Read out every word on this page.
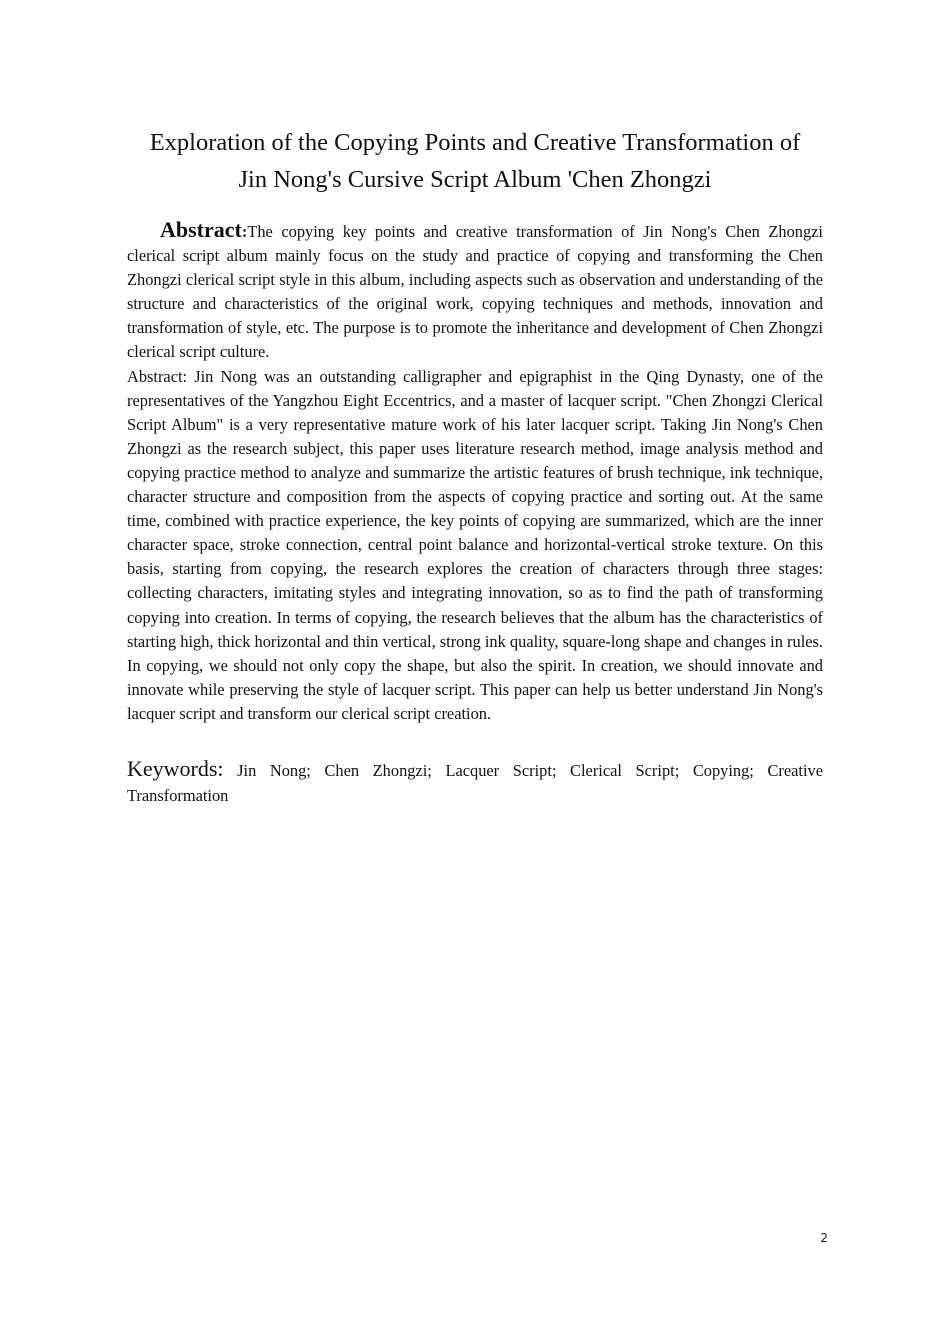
Exploration of the Copying Points and Creative Transformation of
Jin Nong's Cursive Script Album 'Chen Zhongzi

Abstract:The copying key points and creative transformation of Jin Nong's Chen Zhongzi clerical script album mainly focus on the study and practice of copying and transforming the Chen Zhongzi clerical script style in this album, including aspects such as observation and understanding of the structure and characteristics of the original work, copying techniques and methods, innovation and transformation of style, etc. The purpose is to promote the inheritance and development of Chen Zhongzi clerical script culture.

Abstract: Jin Nong was an outstanding calligrapher and epigraphist in the Qing Dynasty, one of the representatives of the Yangzhou Eight Eccentrics, and a master of lacquer script. "Chen Zhongzi Clerical Script Album" is a very representative mature work of his later lacquer script. Taking Jin Nong's Chen Zhongzi as the research subject, this paper uses literature research method, image analysis method and copying practice method to analyze and summarize the artistic features of brush technique, ink technique, character structure and composition from the aspects of copying practice and sorting out. At the same time, combined with practice experience, the key points of copying are summarized, which are the inner character space, stroke connection, central point balance and horizontal-vertical stroke texture. On this basis, starting from copying, the research explores the creation of characters through three stages: collecting characters, imitating styles and integrating innovation, so as to find the path of transforming copying into creation. In terms of copying, the research believes that the album has the characteristics of starting high, thick horizontal and thin vertical, strong ink quality, square-long shape and changes in rules. In copying, we should not only copy the shape, but also the spirit. In creation, we should innovate and innovate while preserving the style of lacquer script. This paper can help us better understand Jin Nong's lacquer script and transform our clerical script creation.

Keywords: Jin Nong; Chen Zhongzi; Lacquer Script; Clerical Script; Copying; Creative Transformation

2
